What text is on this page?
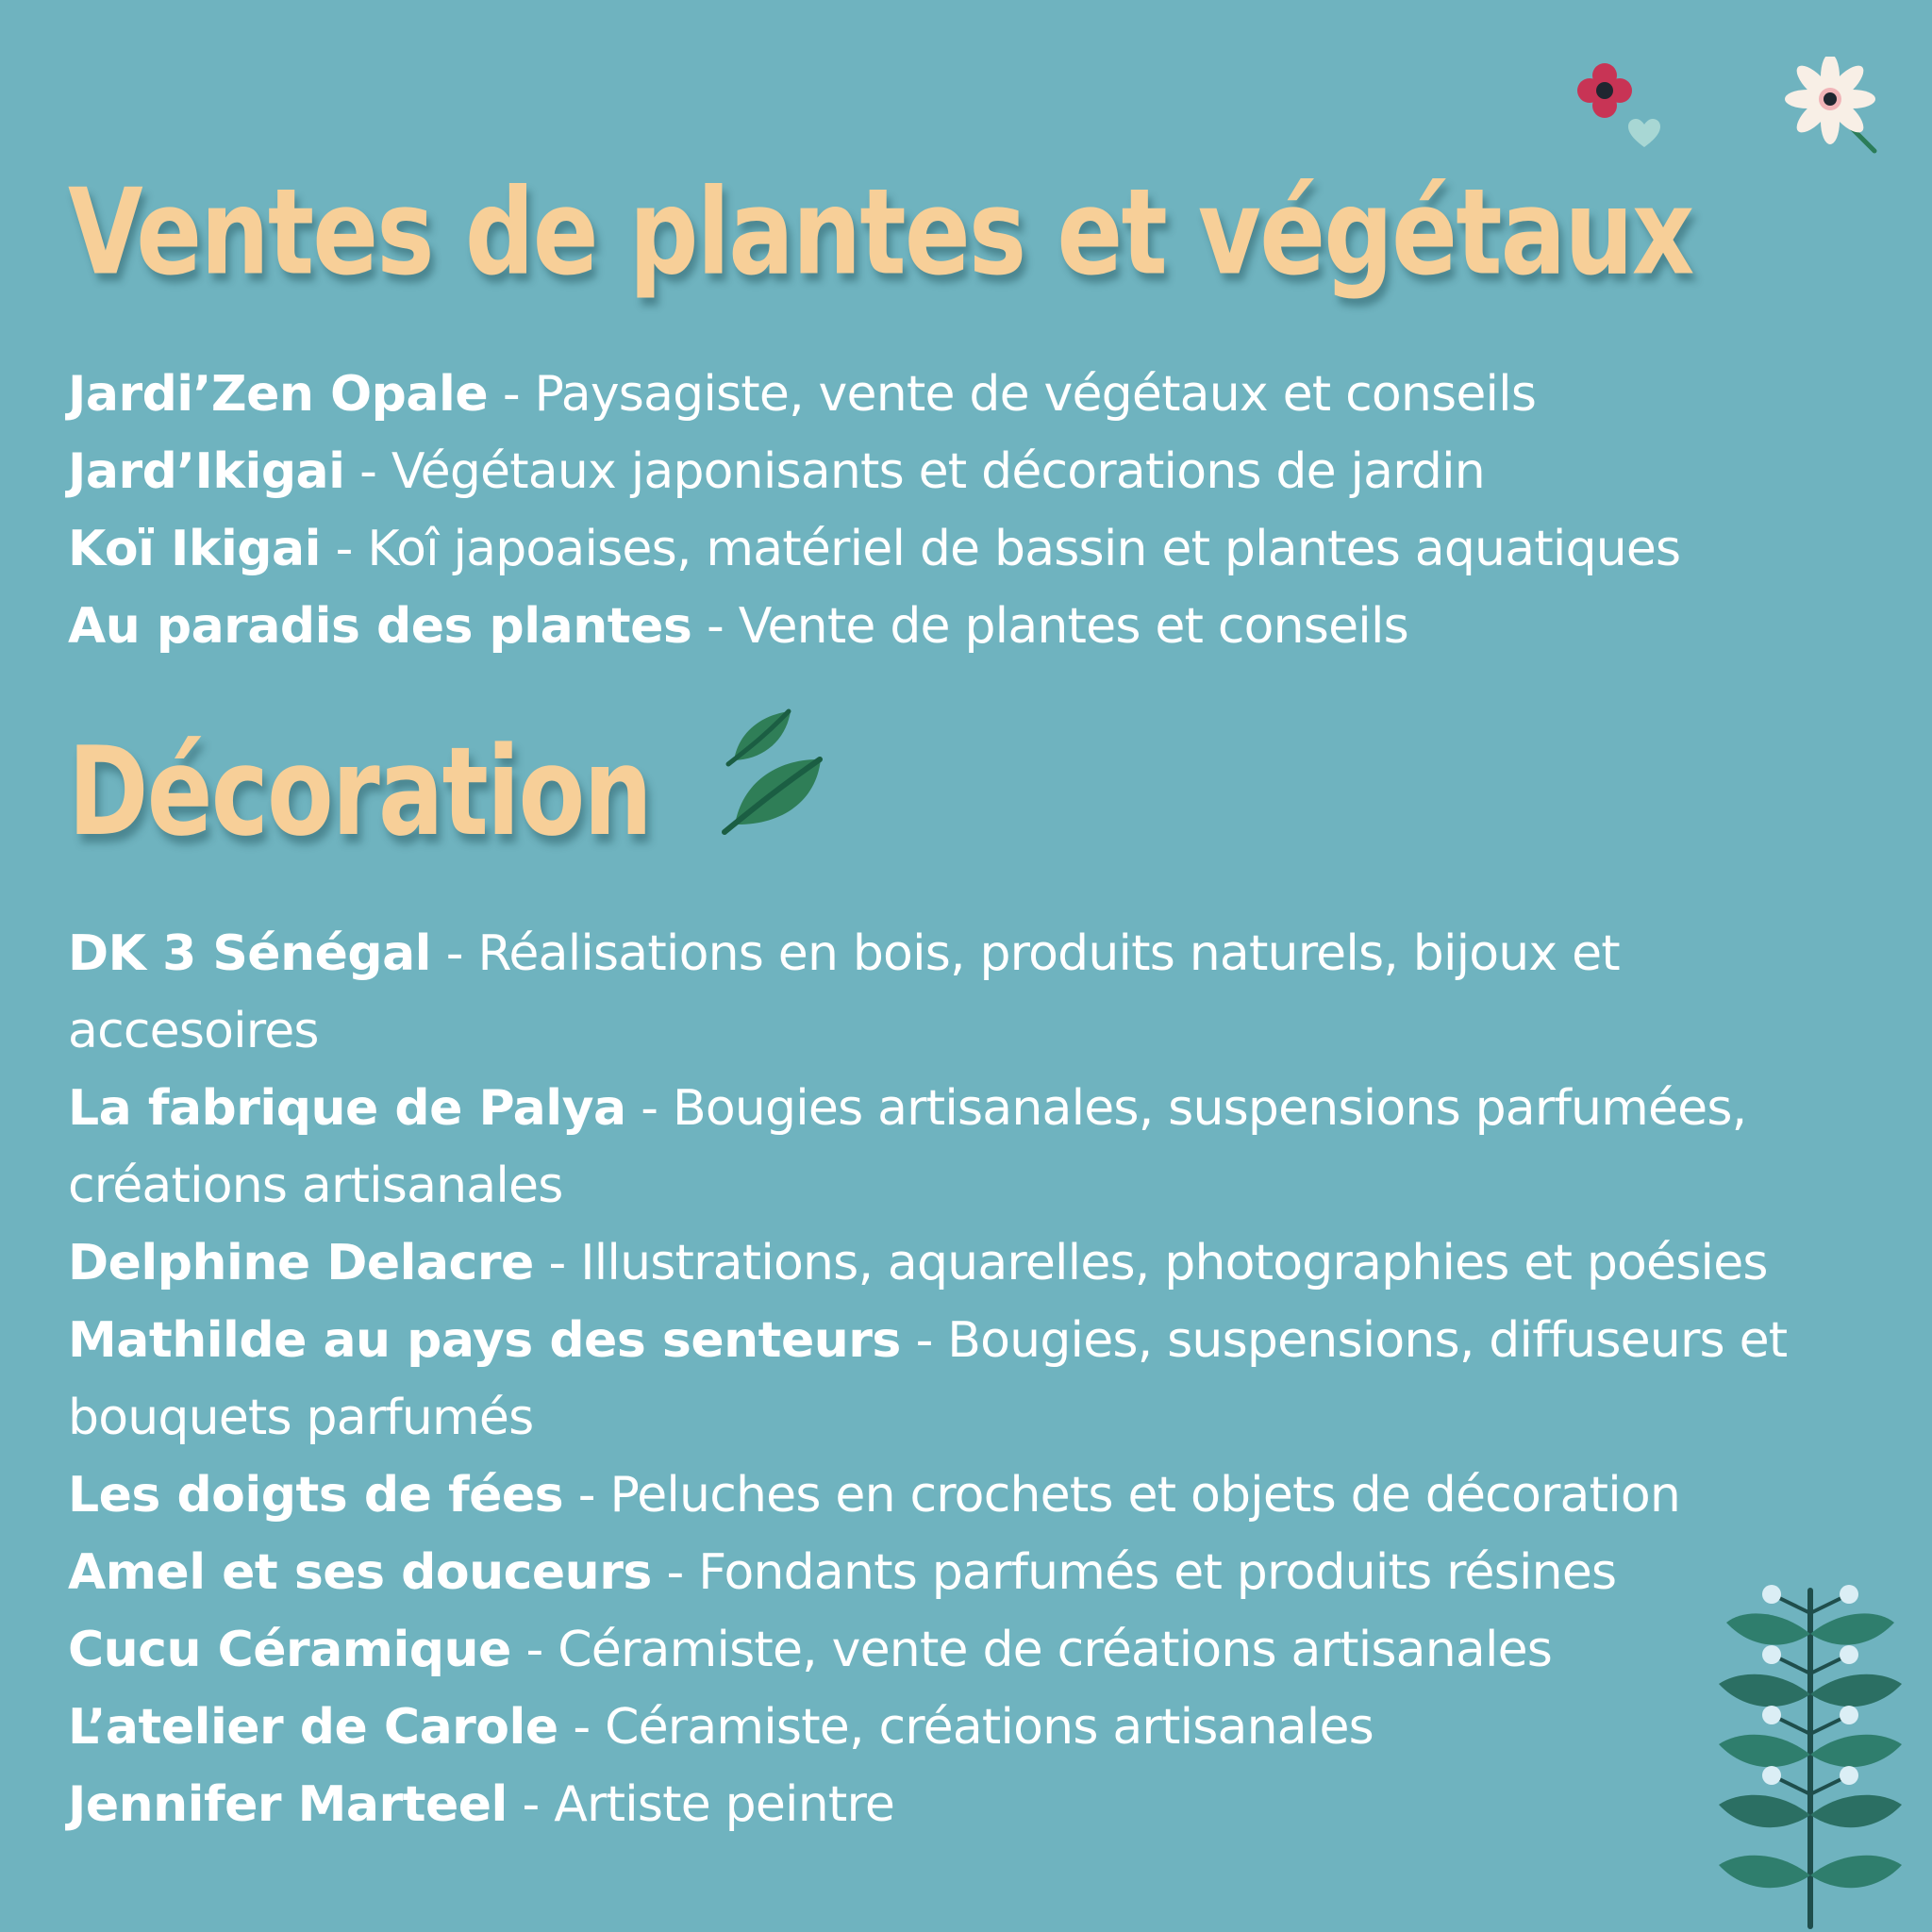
Ventes de plantes et végétaux
Jardi’Zen Opale - Paysagiste, vente de végétaux et conseils
Jard’Ikigai - Végétaux japonisants et décorations de jardin
Koï Ikigai - Koî japoaises, matériel de bassin et plantes aquatiques
Au paradis des plantes - Vente de plantes et conseils
Décoration
DK 3 Sénégal - Réalisations en bois, produits naturels, bijoux et accesoires
La fabrique de Palya - Bougies artisanales, suspensions parfumées, créations artisanales
Delphine Delacre - Illustrations, aquarelles, photographies et poésies
Mathilde au pays des senteurs - Bougies, suspensions, diffuseurs et bouquets parfumés
Les doigts de fées - Peluches en crochets et objets de décoration
Amel et ses douceurs - Fondants parfumés et produits résines
Cucu Céramique - Céramiste, vente de créations artisanales
L’atelier de Carole - Céramiste, créations artisanales
Jennifer Marteel - Artiste peintre
